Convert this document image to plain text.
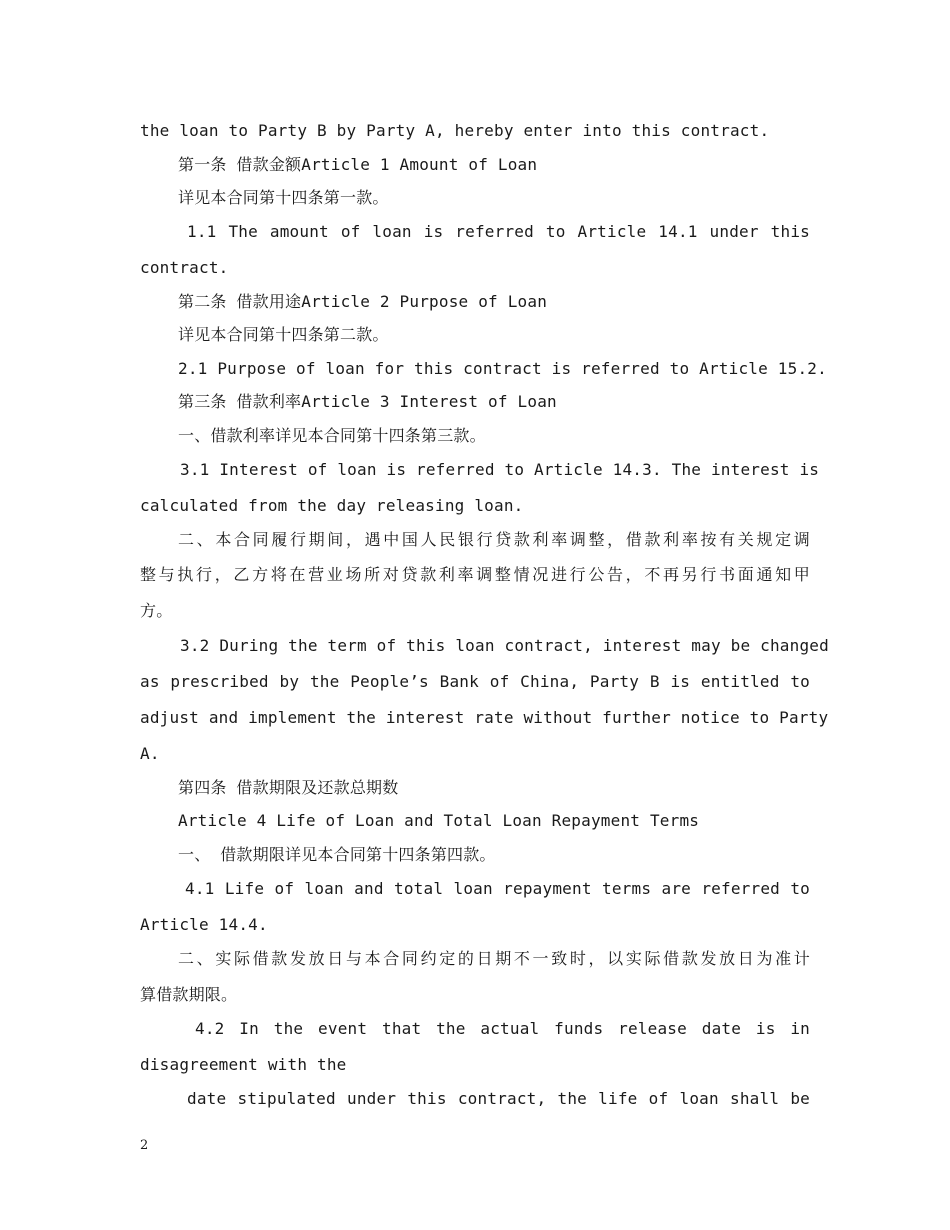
the loan to Party B by Party A, hereby enter into this contract.

第一条 借款金额Article 1 Amount of Loan

详见本合同第十四条第一款。

1.1 The amount of loan is referred to Article 14.1 under this

contract.

第二条 借款用途Article 2 Purpose of Loan

详见本合同第十四条第二款。

2.1 Purpose of loan for this contract is referred to Article 15.2.

第三条 借款利率Article 3 Interest of Loan

一、借款利率详见本合同第十四条第三款。

3.1 Interest of loan is referred to Article 14.3. The interest is

calculated from the day releasing loan.

二、本合同履行期间，遇中国人民银行贷款利率调整，借款利率按有关规定调

整与执行，乙方将在营业场所对贷款利率调整情况进行公告，不再另行书面通知甲

方。

3.2 During the term of this loan contract, interest may be changed

as prescribed by the People’s Bank of China, Party B is entitled to

adjust and implement the interest rate without further notice to Party

A.

第四条 借款期限及还款总期数

Article 4 Life of Loan and Total Loan Repayment Terms

一、 借款期限详见本合同第十四条第四款。

4.1 Life of loan and total loan repayment terms are referred to

Article 14.4.

二、实际借款发放日与本合同约定的日期不一致时，以实际借款发放日为准计

算借款期限。

4.2 In the event that the actual funds release date is in

disagreement with the

date stipulated under this contract, the life of loan shall be

2
